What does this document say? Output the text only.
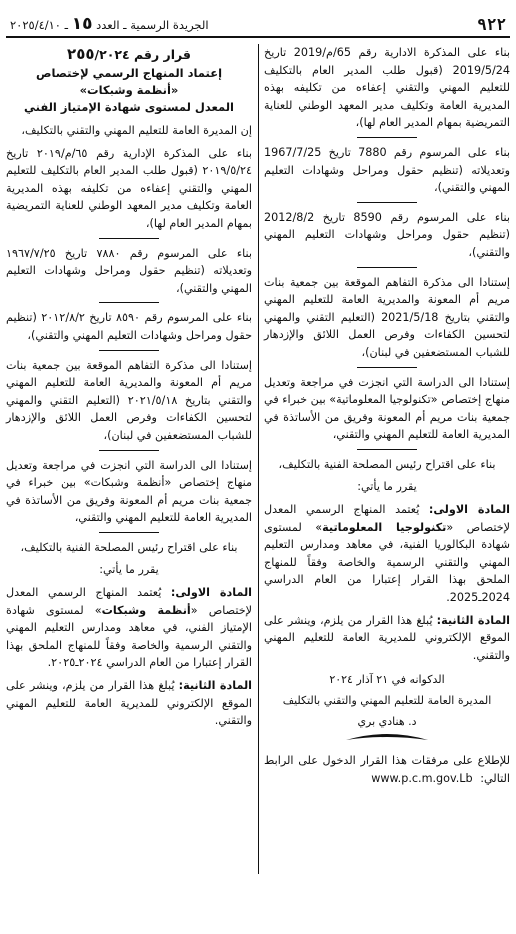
الجريدة الرسمية ـ العدد ١٥ ـ ٢٠٢٥/٤/١٠	٩٢٢

بناء على المذكرة الادارية رقم 65/م/2019 تاريخ 2019/5/24 (قبول طلب المدير العام بالتكليف للتعليم المهني والتقني إعفاءه من تكليفه بهذه المديرية العامة وتكليف مدير المعهد الوطني للعناية التمريضية بمهام المدير العام لها)،

بناء على المرسوم رقم 7880 تاريخ 1967/7/25 وتعديلاته (تنظيم حقول ومراحل وشهادات التعليم المهني والتقني)،

بناء على المرسوم رقم 8590 تاريخ 2012/8/2 (تنظيم حقول ومراحل وشهادات التعليم المهني والتقني)،

إستنادا الى مذكرة التفاهم الموقعة بين جمعية بنات مريم أم المعونة والمديرية العامة للتعليم المهني والتقني بتاريخ 2021/5/18 (التعليم التقني والمهني لتحسين الكفاءات وفرص العمل اللائق والإزدهار للشباب المستضعفين في لبنان)،

إستنادا الى الدراسة التي انجزت في مراجعة وتعديل منهاج إختصاص «تكنولوجيا المعلوماتية» بين خبراء في جمعية بنات مريم أم المعونة وفريق من الأساتذة في المديرية العامة للتعليم المهني والتقني،

بناء على اقتراح رئيس المصلحة الفنية بالتكليف،

يقرر ما يأتي:

المادة الاولى: يُعتمد المنهاج الرسمي المعدل لإختصاص «تكنولوجيا المعلوماتية» لمستوى شهادة البكالوريا الفنية، في معاهد ومدارس التعليم المهني والتقني الرسمية والخاصة وفقاً للمنهاج الملحق بهذا القرار إعتبارا من العام الدراسي 2024ـ2025.

المادة الثانية: يُبلغ هذا القرار من يلزم، وينشر على الموقع الإلكتروني للمديرية العامة للتعليم المهني والتقني.

الدكوانه في ٢١ آذار ٢٠٢٤

المديرة العامة للتعليم المهني والتقني بالتكليف

د. هنادي بري

للإطلاع على مرفقات هذا القرار الدخول على الرابط التالي: www.p.c.m.gov.Lb

قرار رقم ٢٥٥/٢٠٢٤
إعتماد المنهاج الرسمي لإختصاص
«أنظمة وشبكات»
المعدل لمستوى شهادة الإمتياز الفني

إن المديرة العامة للتعليم المهني والتقني بالتكليف،

بناء على المذكرة الإدارية رقم ٦٥/م/٢٠١٩ تاريخ ٢٠١٩/٥/٢٤ (قبول طلب المدير العام بالتكليف للتعليم المهني والتقني إعفاءه من تكليفه بهذه المديرية العامة وتكليف مدير المعهد الوطني للعناية التمريضية بمهام المدير العام لها)،

بناء على المرسوم رقم ٧٨٨٠ تاريخ ١٩٦٧/٧/٢٥ وتعديلاته (تنظيم حقول ومراحل وشهادات التعليم المهني والتقني)،

بناء على المرسوم رقم ٨٥٩٠ تاريخ ٢٠١٢/٨/٢ (تنظيم حقول ومراحل وشهادات التعليم المهني والتقني)،

إستنادا الى مذكرة التفاهم الموقعة بين جمعية بنات مريم أم المعونة والمديرية العامة للتعليم المهني والتقني بتاريخ ٢٠٢١/٥/١٨ (التعليم التقني والمهني لتحسين الكفاءات وفرص العمل اللائق والإزدهار للشباب المستضعفين في لبنان)،

إستنادا الى الدراسة التي انجزت في مراجعة وتعديل منهاج إختصاص «أنظمة وشبكات» بين خبراء في جمعية بنات مريم أم المعونة وفريق من الأساتذة في المديرية العامة للتعليم المهني والتقني،

بناء على اقتراح رئيس المصلحة الفنية بالتكليف،

يقرر ما يأتي:

المادة الاولى: يُعتمد المنهاج الرسمي المعدل لإختصاص «أنظمة وشبكات» لمستوى شهادة الإمتياز الفني، في معاهد ومدارس التعليم المهني والتقني الرسمية والخاصة وفقاً للمنهاج الملحق بهذا القرار إعتبارا من العام الدراسي ٢٠٢٤ـ٢٠٢٥.

المادة الثانية: يُبلغ هذا القرار من يلزم، وينشر على الموقع الإلكتروني للمديرية العامة للتعليم المهني والتقني.
